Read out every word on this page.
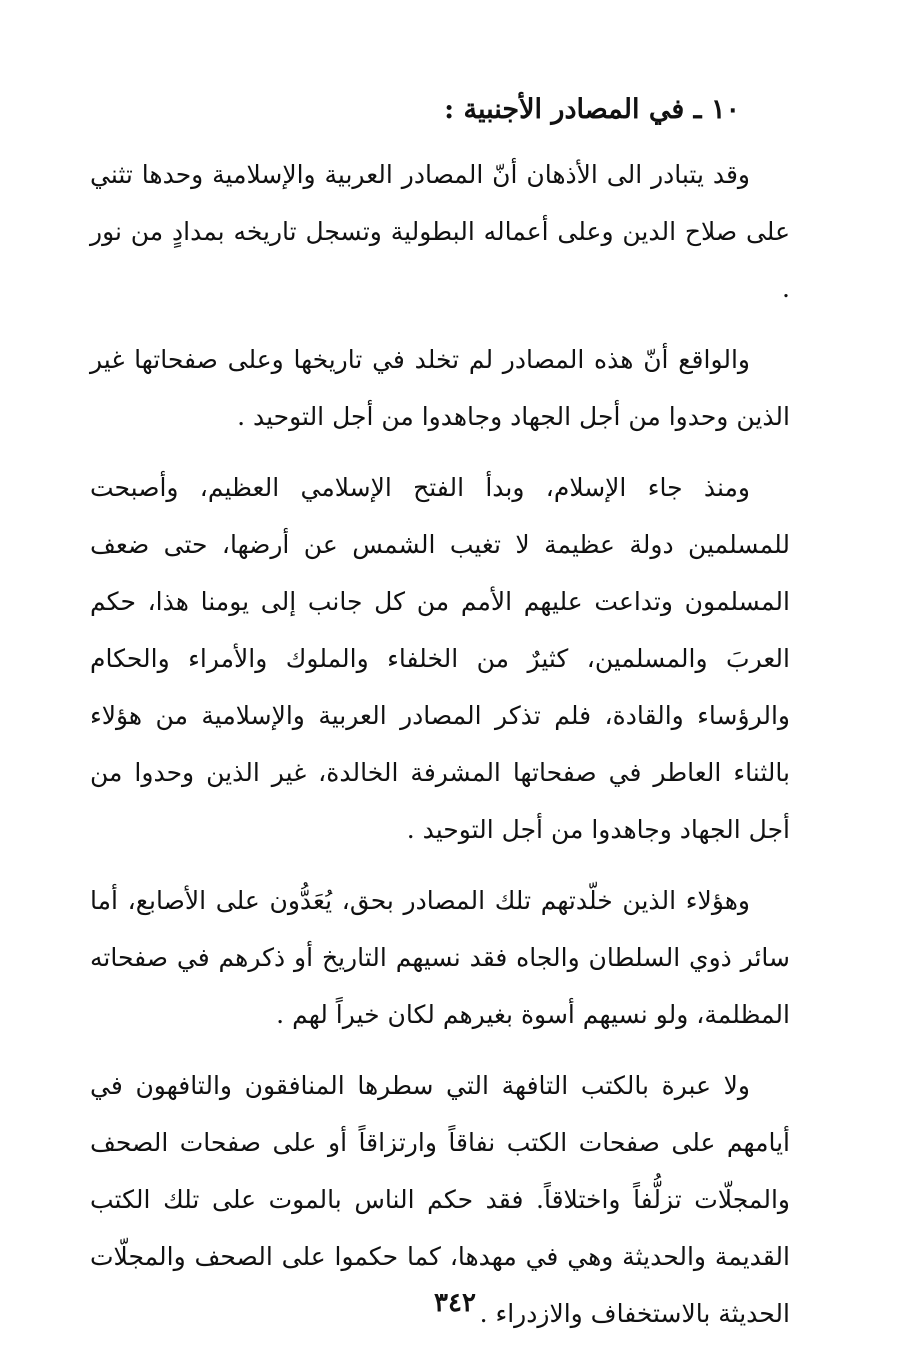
١٠ ـ في المصادر الأجنبية :

وقد يتبادر الى الأذهان أنّ المصادر العربية والإسلامية وحدها تثني على صلاح الدين وعلى أعماله البطولية وتسجل تاريخه بمدادٍ من نور .

والواقع أنّ هذه المصادر لم تخلد في تاريخها وعلى صفحاتها غير الذين وحدوا من أجل الجهاد وجاهدوا من أجل التوحيد .

ومنذ جاء الإسلام، وبدأ الفتح الإسلامي العظيم، وأصبحت للمسلمين دولة عظيمة لا تغيب الشمس عن أرضها، حتى ضعف المسلمون وتداعت عليهم الأمم من كل جانب إلى يومنا هذا، حكم العربَ والمسلمين، كثيرٌ من الخلفاء والملوك والأمراء والحكام والرؤساء والقادة، فلم تذكر المصادر العربية والإسلامية من هؤلاء بالثناء العاطر في صفحاتها المشرفة الخالدة، غير الذين وحدوا من أجل الجهاد وجاهدوا من أجل التوحيد .

وهؤلاء الذين خلّدتهم تلك المصادر بحق، يُعَدُّون على الأصابع، أما سائر ذوي السلطان والجاه فقد نسيهم التاريخ أو ذكرهم في صفحاته المظلمة، ولو نسيهم أسوة بغيرهم لكان خيراً لهم .

ولا عبرة بالكتب التافهة التي سطرها المنافقون والتافهون في أيامهم على صفحات الكتب نفاقاً وارتزاقاً أو على صفحات الصحف والمجلّات تزلُّفاً واختلاقاً. فقد حكم الناس بالموت على تلك الكتب القديمة والحديثة وهي في مهدها، كما حكموا على الصحف والمجلّات الحديثة بالاستخفاف والازدراء .

٣٤٢
